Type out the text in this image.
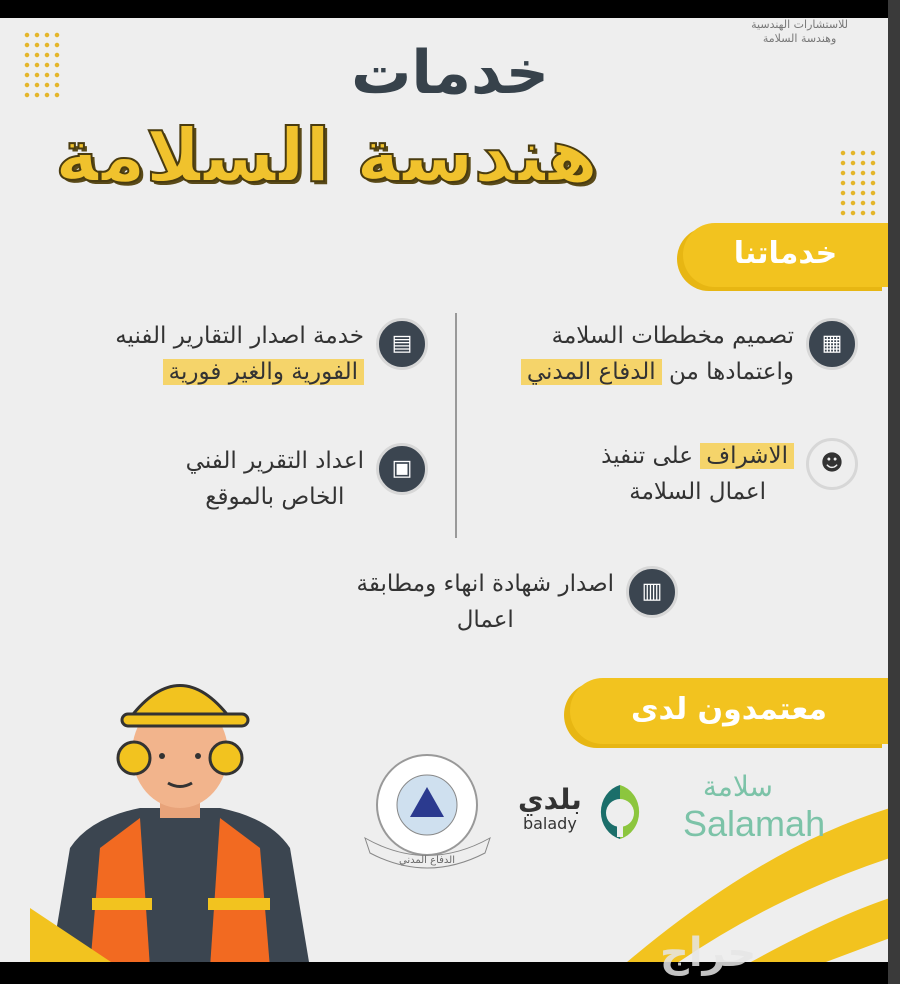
للاستشارات الهندسية
وهندسة السلامة
خدمات
هندسة السلامة
خدماتنا
▦
تصميم مخططات السلامة
واعتمادها من الدفاع المدني
▤
خدمة اصدار التقارير الفنيه
الفورية والغير فورية
☻
الاشراف على تنفيذ
اعمال السلامة
▣
اعداد التقرير الفني
الخاص بالموقع
▥
اصدار شهادة انهاء ومطابقة
اعمال
معتمدون لدى
الدفاع المدني
بلدي
balady
سلامة
Salamah
حراج
